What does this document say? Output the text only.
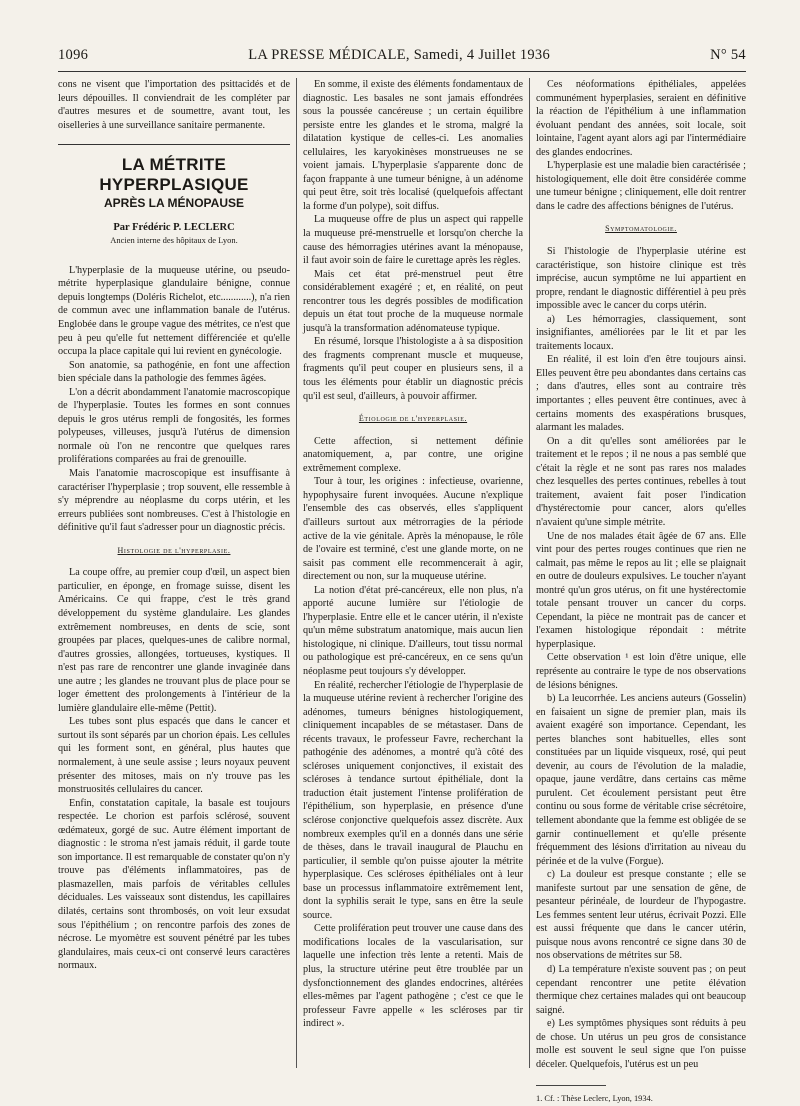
1096	LA PRESSE MÉDICALE, Samedi, 4 Juillet 1936	N° 54

cons ne visent que l'importation des psittacidés et de leurs dépouilles. Il conviendrait de les compléter par d'autres mesures et de soumettre, avant tout, les oiselleries à une surveillance sanitaire permanente.

LA MÉTRITE HYPERPLASIQUE
APRÈS LA MÉNOPAUSE
Par Frédéric P. LECLERC
Ancien interne des hôpitaux de Lyon.

L'hyperplasie de la muqueuse utérine, ou pseudo-métrite hyperplasique glandulaire bénigne, connue depuis longtemps (Doléris Richelot, etc............), n'a rien de commun avec une inflammation banale de l'utérus. Englobée dans le groupe vague des métrites, ce n'est que peu à peu qu'elle fut nettement différenciée et qu'elle occupa la place capitale qui lui revient en gynécologie.

Son anatomie, sa pathogénie, en font une affection bien spéciale dans la pathologie des femmes âgées.

L'on a décrit abondamment l'anatomie macroscopique de l'hyperplasie. Toutes les formes en sont connues depuis le gros utérus rempli de fongosités, les formes polypeuses, villeuses, jusqu'à l'utérus de dimension normale où l'on ne rencontre que quelques rares proliférations comparées au frai de grenouille.

Mais l'anatomie macroscopique est insuffisante à caractériser l'hyperplasie ; trop souvent, elle ressemble à s'y méprendre au néoplasme du corps utérin, et les erreurs publiées sont nombreuses. C'est à l'histologie en définitive qu'il faut s'adresser pour un diagnostic précis.

Histologie de l'hyperplasie.

La coupe offre, au premier coup d'œil, un aspect bien particulier, en éponge, en fromage suisse, disent les Américains. Ce qui frappe, c'est le très grand développement du système glandulaire. Les glandes extrêmement nombreuses, en dents de scie, sont groupées par places, quelques-unes de calibre normal, d'autres grossies, allongées, tortueuses, kystiques. Il n'est pas rare de rencontrer une glande invaginée dans une autre ; les glandes ne trouvant plus de place pour se loger émettent des prolongements à l'intérieur de la lumière glandulaire elle-même (Pettit).

Les tubes sont plus espacés que dans le cancer et surtout ils sont séparés par un chorion épais. Les cellules qui les forment sont, en général, plus hautes que normalement, à une seule assise ; leurs noyaux peuvent présenter des mitoses, mais on n'y trouve pas les monstruosités cellulaires du cancer.

Enfin, constatation capitale, la basale est toujours respectée. Le chorion est parfois sclérosé, souvent œdémateux, gorgé de suc. Autre élément important de diagnostic : le stroma n'est jamais réduit, il garde toute son importance. Il est remarquable de constater qu'on n'y trouve pas d'éléments inflammatoires, pas de plasmazellen, mais parfois de véritables cellules déciduales. Les vaisseaux sont distendus, les capillaires dilatés, certains sont thrombosés, on voit leur exsudat sous l'épithélium ; on rencontre parfois des zones de nécrose. Le myomètre est souvent pénétré par les tubes glandulaires, mais ceux-ci ont conservé leurs caractères normaux.

En somme, il existe des éléments fondamentaux de diagnostic. Les basales ne sont jamais effondrées sous la poussée cancéreuse ; un certain équilibre persiste entre les glandes et le stroma, malgré la dilatation kystique de celles-ci. Les anomalies cellulaires, les karyokinèses monstrueuses ne se voient jamais. L'hyperplasie s'apparente donc de façon frappante à une tumeur bénigne, à un adénome qui peut être, soit très localisé (quelquefois affectant la forme d'un polype), soit diffus.

La muqueuse offre de plus un aspect qui rappelle la muqueuse pré-menstruelle et lorsqu'on cherche la cause des hémorragies utérines avant la ménopause, il faut avoir soin de faire le curettage après les règles.

Mais cet état pré-menstruel peut être considérablement exagéré ; et, en réalité, on peut rencontrer tous les degrés possibles de modification depuis un état tout proche de la muqueuse normale jusqu'à la transformation adénomateuse typique.

En résumé, lorsque l'histologiste a à sa disposition des fragments comprenant muscle et muqueuse, fragments qu'il peut couper en plusieurs sens, il a tous les éléments pour établir un diagnostic précis qu'il est seul, d'ailleurs, à pouvoir affirmer.

Étiologie de l'hyperplasie.

Cette affection, si nettement définie anatomiquement, a, par contre, une origine extrêmement complexe.

Tour à tour, les origines : infectieuse, ovarienne, hypophysaire furent invoquées. Aucune n'explique l'ensemble des cas observés, elles s'appliquent d'ailleurs surtout aux métrorragies de la période active de la vie génitale. Après la ménopause, le rôle de l'ovaire est terminé, c'est une glande morte, on ne saisit pas comment elle recommencerait à agir, directement ou non, sur la muqueuse utérine.

La notion d'état pré-cancéreux, elle non plus, n'a apporté aucune lumière sur l'étiologie de l'hyperplasie. Entre elle et le cancer utérin, il n'existe qu'un même substratum anatomique, mais aucun lien histologique, ni clinique. D'ailleurs, tout tissu normal ou pathologique est pré-cancéreux, en ce sens qu'un néoplasme peut toujours s'y développer.

En réalité, rechercher l'étiologie de l'hyperplasie de la muqueuse utérine revient à rechercher l'origine des adénomes, tumeurs bénignes histologiquement, cliniquement incapables de se métastaser. Dans de récents travaux, le professeur Favre, recherchant la pathogénie des adénomes, a montré qu'à côté des scléroses uniquement conjonctives, il existait des scléroses à tendance surtout épithéliale, dont la traduction était justement l'intense prolifération de l'épithélium, son hyperplasie, en présence d'une sclérose conjonctive quelquefois assez discrète. Aux nombreux exemples qu'il en a donnés dans une série de thèses, dans le travail inaugural de Plauchu en particulier, il semble qu'on puisse ajouter la métrite hyperplasique. Ces scléroses épithéliales ont à leur base un processus inflammatoire extrêmement lent, dont la syphilis serait le type, sans en être la seule source.

Cette prolifération peut trouver une cause dans des modifications locales de la vascularisation, sur laquelle une infection très lente a retenti. Mais de plus, la structure utérine peut être troublée par un dysfonctionnement des glandes endocrines, altérées elles-mêmes par l'agent pathogène ; c'est ce que le professeur Favre appelle « les scléroses par tir indirect ».

Ces néoformations épithéliales, appelées communément hyperplasies, seraient en définitive la réaction de l'épithélium à une inflammation évoluant pendant des années, soit locale, soit lointaine, l'agent ayant alors agi par l'intermédiaire des glandes endocrines.

L'hyperplasie est une maladie bien caractérisée ; histologiquement, elle doit être considérée comme une tumeur bénigne ; cliniquement, elle doit rentrer dans le cadre des affections bénignes de l'utérus.

Symptomatologie.

Si l'histologie de l'hyperplasie utérine est caractéristique, son histoire clinique est très imprécise, aucun symptôme ne lui appartient en propre, rendant le diagnostic différentiel à peu près impossible avec le cancer du corps utérin.

a) Les hémorragies, classiquement, sont insignifiantes, améliorées par le lit et par les traitements locaux.

En réalité, il est loin d'en être toujours ainsi. Elles peuvent être peu abondantes dans certains cas ; dans d'autres, elles sont au contraire très importantes ; elles peuvent être continues, avec à certains moments des exaspérations brusques, alarmant les malades.

On a dit qu'elles sont améliorées par le traitement et le repos ; il ne nous a pas semblé que c'était la règle et ne sont pas rares nos malades chez lesquelles des pertes continues, rebelles à tout traitement, avaient fait poser l'indication d'hystérectomie pour cancer, alors qu'elles n'avaient qu'une simple métrite.

Une de nos malades était âgée de 67 ans. Elle vint pour des pertes rouges continues que rien ne calmait, pas même le repos au lit ; elle se plaignait en outre de douleurs expulsives. Le toucher n'ayant montré qu'un gros utérus, on fit une hystérectomie totale pensant trouver un cancer du corps. Cependant, la pièce ne montrait pas de cancer et l'examen histologique répondait : métrite hyperplasique.

Cette observation ¹ est loin d'être unique, elle représente au contraire le type de nos observations de lésions bénignes.

b) La leucorrhée. Les anciens auteurs (Gosselin) en faisaient un signe de premier plan, mais ils avaient exagéré son importance. Cependant, les pertes blanches sont habituelles, elles sont constituées par un liquide visqueux, rosé, qui peut devenir, au cours de l'évolution de la maladie, opaque, jaune verdâtre, dans certains cas même purulent. Cet écoulement persistant peut être continu ou sous forme de véritable crise sécrétoire, tellement abondante que la femme est obligée de se garnir continuellement et qu'elle présente fréquemment des lésions d'irritation au niveau du périnée et de la vulve (Forgue).

c) La douleur est presque constante ; elle se manifeste surtout par une sensation de gêne, de pesanteur périnéale, de lourdeur de l'hypogastre. Les femmes sentent leur utérus, écrivait Pozzi. Elle est aussi fréquente que dans le cancer utérin, puisque nous avons rencontré ce signe dans 30 de nos observations de métrites sur 58.

d) La température n'existe souvent pas ; on peut cependant rencontrer une petite élévation thermique chez certaines malades qui ont beaucoup saigné.

e) Les symptômes physiques sont réduits à peu de chose. Un utérus un peu gros de consistance molle est souvent le seul signe que l'on puisse déceler. Quelquefois, l'utérus est un peu

1. Cf. : Thèse Leclerc, Lyon, 1934.
